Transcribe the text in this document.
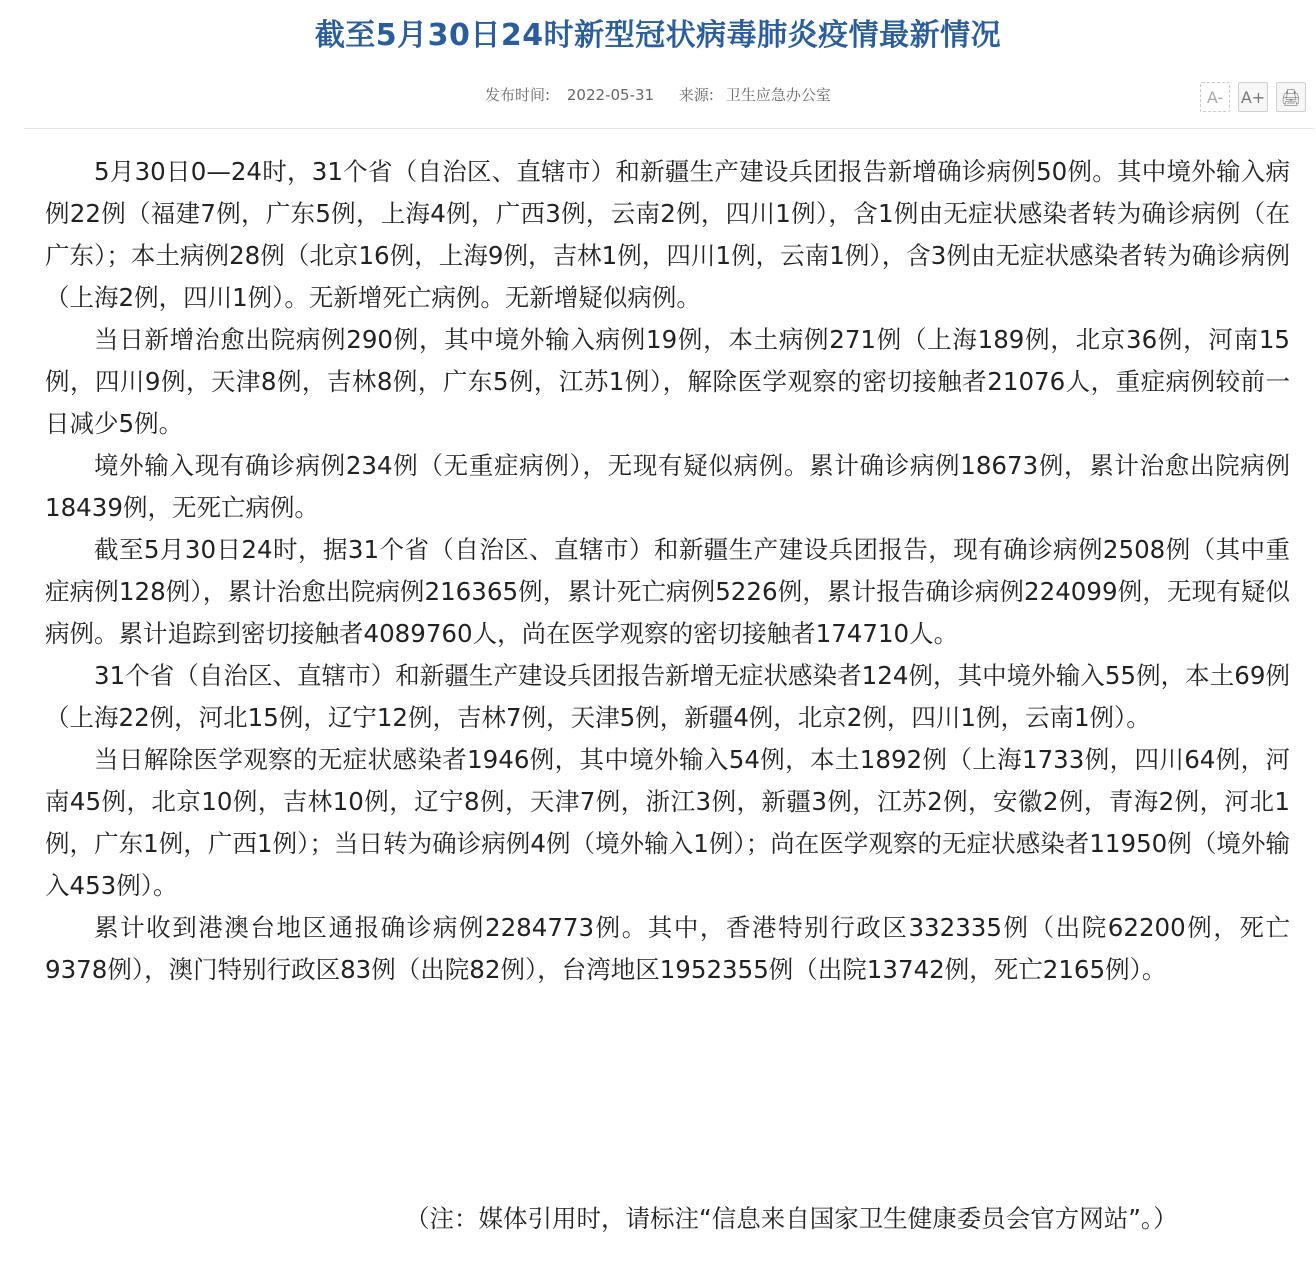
截至5月30日24时新型冠状病毒肺炎疫情最新情况
发布时间: 2022-05-31 来源: 卫生应急办公室	A-	A+ 🖨

5月30日0—24时，31个省（自治区、直辖市）和新疆生产建设兵团报告新增确诊病例50例。其中境外输入病例22例（福建7例，广东5例，上海4例，广西3例，云南2例，四川1例），含1例由无症状感染者转为确诊病例（在广东）；本土病例28例（北京16例，上海9例，吉林1例，四川1例，云南1例），含3例由无症状感染者转为确诊病例（上海2例，四川1例）。无新增死亡病例。无新增疑似病例。

当日新增治愈出院病例290例，其中境外输入病例19例，本土病例271例（上海189例，北京36例，河南15例，四川9例，天津8例，吉林8例，广东5例，江苏1例），解除医学观察的密切接触者21076人，重症病例较前一日减少5例。

境外输入现有确诊病例234例（无重症病例），无现有疑似病例。累计确诊病例18673例，累计治愈出院病例18439例，无死亡病例。

截至5月30日24时，据31个省（自治区、直辖市）和新疆生产建设兵团报告，现有确诊病例2508例（其中重症病例128例），累计治愈出院病例216365例，累计死亡病例5226例，累计报告确诊病例224099例，无现有疑似病例。累计追踪到密切接触者4089760人，尚在医学观察的密切接触者174710人。

31个省（自治区、直辖市）和新疆生产建设兵团报告新增无症状感染者124例，其中境外输入55例，本土69例（上海22例，河北15例，辽宁12例，吉林7例，天津5例，新疆4例，北京2例，四川1例，云南1例）。

当日解除医学观察的无症状感染者1946例，其中境外输入54例，本土1892例（上海1733例，四川64例，河南45例，北京10例，吉林10例，辽宁8例，天津7例，浙江3例，新疆3例，江苏2例，安徽2例，青海2例，河北1例，广东1例，广西1例）；当日转为确诊病例4例（境外输入1例）；尚在医学观察的无症状感染者11950例（境外输入453例）。

累计收到港澳台地区通报确诊病例2284773例。其中，香港特别行政区332335例（出院62200例，死亡9378例），澳门特别行政区83例（出院82例），台湾地区1952355例（出院13742例，死亡2165例）。

（注：媒体引用时，请标注“信息来自国家卫生健康委员会官方网站”。）
